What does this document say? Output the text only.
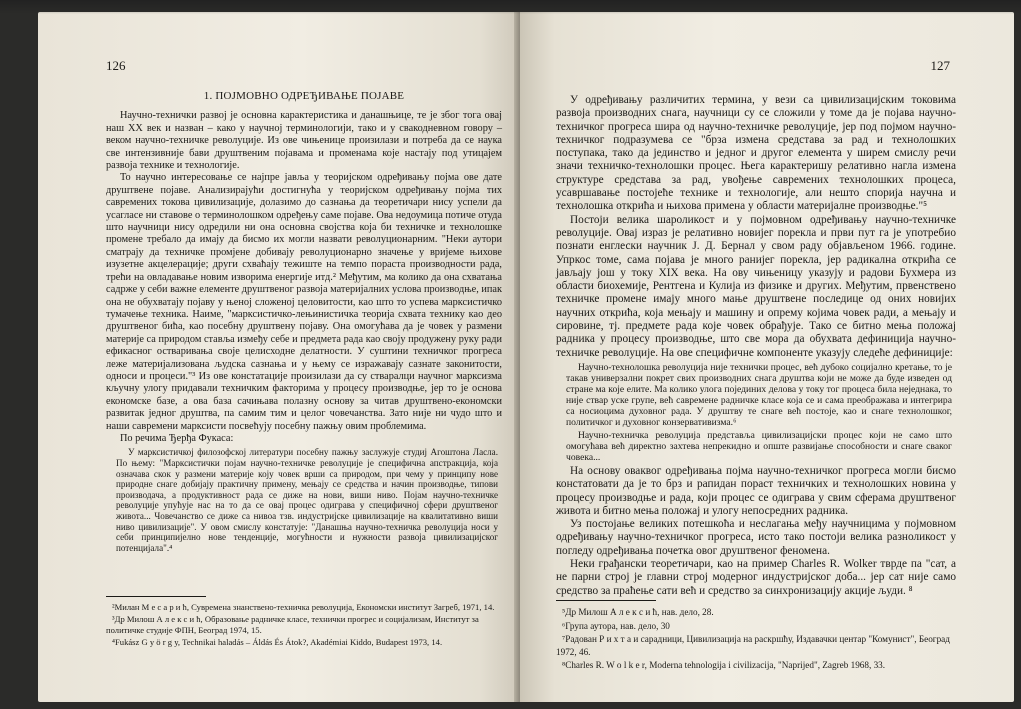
126
1. ПОЈМОВНО ОДРЕЂИВАЊЕ ПОЈАВЕ

Научно-технички развој је основна карактеристика и данашњице, те је због тога овај наш XX век и назван – како у научној терминологији, тако и у свакодневном говору – веком научно-техничке револуције. Из ове чињенице произилази и потреба да се наука све интензивније бави друштвеним појавама и променама које настају под утицајем развоја технике и технологије.

То научно интересовање се најпре јавља у теоријском одређивању појма ове дате друштвене појаве. Анализирајући достигнућа у теоријском одређивању појма тих савремених токова цивилизације, долазимо до сазнања да теоретичари нису успели да усагласе ни ставове о терминолошком одређењу саме појаве. Ова недоумица потиче отуда што научници нису одредили ни она основна својства која би техничке и технолошке промене требало да имају да бисмо их могли назвати револуционарним. "Неки аутори сматрају да техничке промјене добивају револуционарно значење у вријеме њихове изузетне акцелерације; други схваћају тежиште на темпо пораста производности рада, трећи на овладавање новим изворима енергије итд.² Међутим, ма колико да она схватања садрже у себи важне елементе друштвеног развоја материјалних услова производње, ипак она не обухватају појаву у њеној сложеној целовитости, као што то успева марксистичко тумачење техника. Наиме, "марксистичко-лењинистичка теорија схвата технику као део друштвеног бића, као посебну друштвену појаву. Она омогућава да је човек у размени материје са природом ставља између себе и предмета рада као своју продужену руку ради ефикасног остваривања своје целисходне делатности. У суштини техничког прогреса леже материјализована људска сазнања и у њему се изражавају сазнате законитости, односи и процеси."³ Из ове констатације произилази да су стваралци научног марксизма кључну улогу придавали техничким факторима у процесу производње, јер то је основа економске базе, а ова база сачињава полазну основу за читав друштвено-економски развитак једног друштва, па самим тим и целог човечанства. Зато није ни чудо што и наши савремени марксисти посвећују посебну пажњу овим проблемима.

По речима Ђерђа Фукаса:

У марксистичкој филозофској литератури посебну пажњу заслужује студиј Агоштона Ласла. По њему: "Марксистички појам научно-техничке револуције је специфична апстракција, која означава скок у размени материје коју човек врши са природом, при чему у принципу нове природне снаге добијају практичну примену, мењају се средства и начин производње, типови производача, а продуктивност рада се диже на нови, виши ниво. Појам научно-техничке револуције упућује нас на то да се овај процес одиграва у специфичној сфери друштвеног живота... Човечанство се диже са нивоа тзв. индустријске цивилизације на квалитативно виши ниво цивилизације". У овом смислу констатује: "Данашња научно-техничка револуција носи у себи принципијелно нове тенденције, могућности и нужности развоја цивилизацијског потенцијала".⁴

²Милан М е с а р и ћ, Суврeмена знанствено-техничка револуција, Економски институт Загреб, 1971, 14.

³Др Милош А л е к с и ћ, Образовање радничке класе, технички прогрес и социјализам, Институт за политичке студије ФПН, Београд 1974, 15.

⁴Fukász G y ö r g y, Technikai haladás – Áldás És Átok?, Akadémiai Kiddo, Budapest 1973, 14.

127

У одређивању различитих термина, у вези са цивилизацијским токовима развоја производних снага, научници су се сложили у томе да је појава научно-техничког прогреса шира од научно-техничке револуције, јер под појмом научно-техничког подразумева се "брза измена средстава за рад и технолошких поступака, тако да јединство и једног и другог елемента у ширем смислу речи значи техничко-технолошки процес. Њега карактеришу релативно нагла измена структуре средстава за рад, увођење савремених технолошких процеса, усавршавање постојеће технике и технологије, али нешто спорија научна и технолошка открића и њихова примена у области материјалне производње."⁵

Постоји велика шароликост и у појмовном одређивању научно-техничке револуције. Овај израз је релативно новијег порекла и први пут га је употребио познати енглески научник Ј. Д. Бернал у свом раду објављеном 1966. године. Упркос томе, сама појава је много ранијег порекла, јер радикална открића се јављају још у току XIX века. На ову чињеницу указују и радови Бухмера из области биохемије, Рентгена и Кулија из физике и других. Међутим, првенствено техничке промене имају много мање друштвене последице од оних новијих научних открића, која мењају и машину и опрему којима човек ради, а мењају и сировине, тј. предмете рада које човек обрађује. Тако се битно мења положај радника у процесу производње, што све мора да обухвата дефиниција научно-техничке револуције. На ове специфичне компоненте указују следеће дефиниције:

Научно-технолошка револуција није технички процес, већ дубоко социјално кретање, то је такав универзални покрет свих производних снага друштва који не може да буде изведен од стране ма које елите. Ма колико улога појединих делова у току тог процеса била неједнака, то није ствар уске групе, већ савремене радничке класе која се и сама преображава и интегрира са носиоцима духовног рада. У друштву те снаге већ постоје, као и снаге технолошког, политичког и духовног конзервативизма.⁶

Научно-техничка револуција представља цивилизацијски процес који не само што омогућава већ директно захтева непрекидно и општe развијање способности и снаге сваког човека...

На основу оваквог одређивања појма научно-техничког прогреса могли бисмо констатовати да је то брз и рапидан пораст техничких и технолошких новина у процесу производње и рада, који процес се одиграва у свим сферама друштвеног живота и битно мења положај и улогу непосредних радника.

Уз постојање великих потешкоћа и неслагања међу научницима у појмовном одређивању научно-техничког прогреса, исто тако постоји велика разноликост у погледу одређивања почетка овог друштвеног феномена.

Неки грађански теоретичари, као на пример Charles R. Wolker тврде па "сат, а не парни строј је главни строј модерног индустријског доба... јер сат није само средство за праћење сати већ и средство за синхронизацију акције људи. ⁸

⁵Др Милош А л е к с и ћ, нав. дело, 28.

⁶Група аутора, нав. дело, 30

⁷Радован Р и х т а и сарадници, Цивилизација на раскршћу, Издавачки центар "Комунист", Београд 1972, 46.

⁸Charles R. W o l k e r, Moderna tehnologija i civilizacija, "Naprijed", Zagreb 1968, 33.
